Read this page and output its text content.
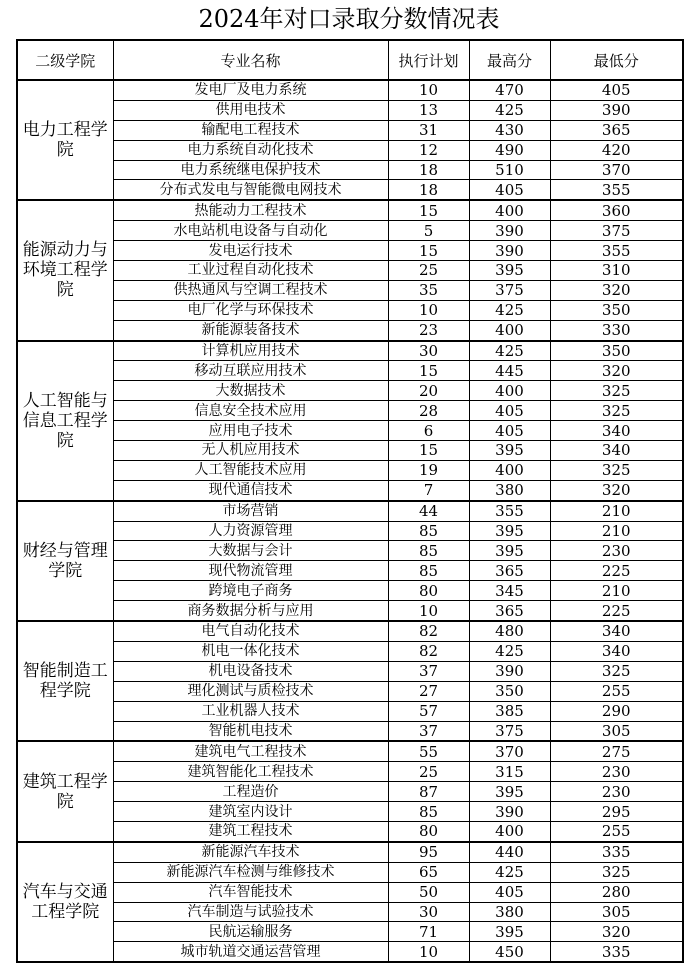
2024年对口录取分数情况表
二级学院	专业名称	执行计划	最高分	最低分
电力工程学院	发电厂及电力系统	10	470	405
	供用电技术	13	425	390
	输配电工程技术	31	430	365
	电力系统自动化技术	12	490	420
	电力系统继电保护技术	18	510	370
	分布式发电与智能微电网技术	18	405	355
能源动力与环境工程学院	热能动力工程技术	15	400	360
	水电站机电设备与自动化	5	390	375
	发电运行技术	15	390	355
	工业过程自动化技术	25	395	310
	供热通风与空调工程技术	35	375	320
	电厂化学与环保技术	10	425	350
	新能源装备技术	23	400	330
人工智能与信息工程学院	计算机应用技术	30	425	350
	移动互联应用技术	15	445	320
	大数据技术	20	400	325
	信息安全技术应用	28	405	325
	应用电子技术	6	405	340
	无人机应用技术	15	395	340
	人工智能技术应用	19	400	325
	现代通信技术	7	380	320
财经与管理学院	市场营销	44	355	210
	人力资源管理	85	395	210
	大数据与会计	85	395	230
	现代物流管理	85	365	225
	跨境电子商务	80	345	210
	商务数据分析与应用	10	365	225
智能制造工程学院	电气自动化技术	82	480	340
	机电一体化技术	82	425	340
	机电设备技术	37	390	325
	理化测试与质检技术	27	350	255
	工业机器人技术	57	385	290
	智能机电技术	37	375	305
建筑工程学院	建筑电气工程技术	55	370	275
	建筑智能化工程技术	25	315	230
	工程造价	87	395	230
	建筑室内设计	85	390	295
	建筑工程技术	80	400	255
汽车与交通工程学院	新能源汽车技术	95	440	335
	新能源汽车检测与维修技术	65	425	325
	汽车智能技术	50	405	280
	汽车制造与试验技术	30	380	305
	民航运输服务	71	395	320
	城市轨道交通运营管理	10	450	335
